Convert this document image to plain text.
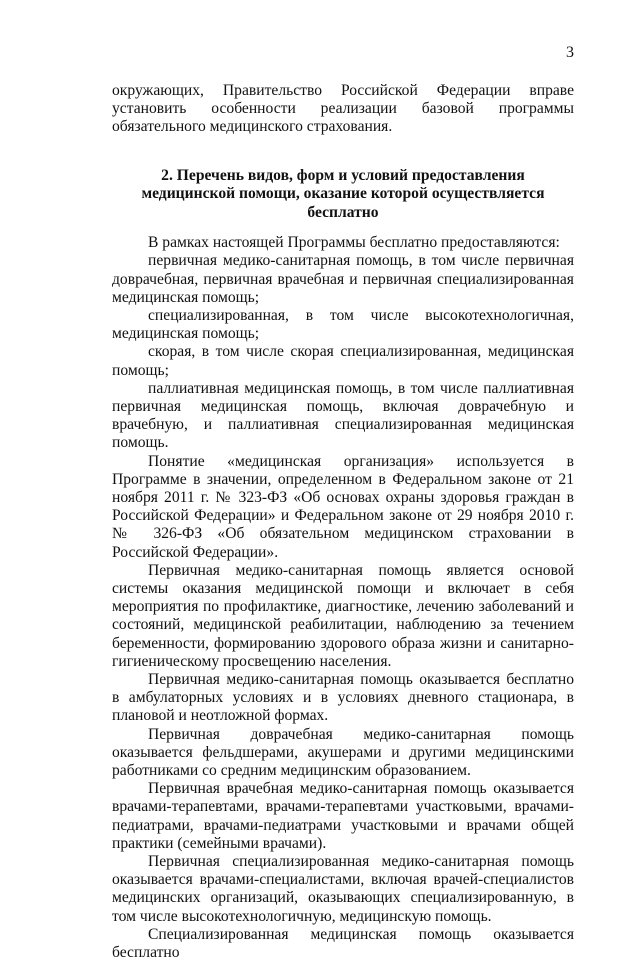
3

окружающих, Правительство Российской Федерации вправе установить особенности реализации базовой программы обязательного медицинского страхования.

2. Перечень видов, форм и условий предоставления медицинской помощи, оказание которой осуществляется бесплатно

В рамках настоящей Программы бесплатно предоставляются:

первичная медико-санитарная помощь, в том числе первичная доврачебная, первичная врачебная и первичная специализированная медицинская помощь;

специализированная, в том числе высокотехнологичная, медицинская помощь;

скорая, в том числе скорая специализированная, медицинская помощь;

паллиативная медицинская помощь, в том числе паллиативная первичная медицинская помощь, включая доврачебную и врачебную, и паллиативная специализированная медицинская помощь.

Понятие «медицинская организация» используется в Программе в значении, определенном в Федеральном законе от 21 ноября 2011 г. № 323-ФЗ «Об основах охраны здоровья граждан в Российской Федерации» и Федеральном законе от 29 ноября 2010 г. № 326-ФЗ «Об обязательном медицинском страховании в Российской Федерации».

Первичная медико-санитарная помощь является основой системы оказания медицинской помощи и включает в себя мероприятия по профилактике, диагностике, лечению заболеваний и состояний, медицинской реабилитации, наблюдению за течением беременности, формированию здорового образа жизни и санитарно-гигиеническому просвещению населения.

Первичная медико-санитарная помощь оказывается бесплатно в амбулаторных условиях и в условиях дневного стационара, в плановой и неотложной формах.

Первичная доврачебная медико-санитарная помощь оказывается фельдшерами, акушерами и другими медицинскими работниками со средним медицинским образованием.

Первичная врачебная медико-санитарная помощь оказывается врачами-терапевтами, врачами-терапевтами участковыми, врачами-педиатрами, врачами-педиатрами участковыми и врачами общей практики (семейными врачами).

Первичная специализированная медико-санитарная помощь оказывается врачами-специалистами, включая врачей-специалистов медицинских организаций, оказывающих специализированную, в том числе высокотехнологичную, медицинскую помощь.

Специализированная медицинская помощь оказывается бесплатно
